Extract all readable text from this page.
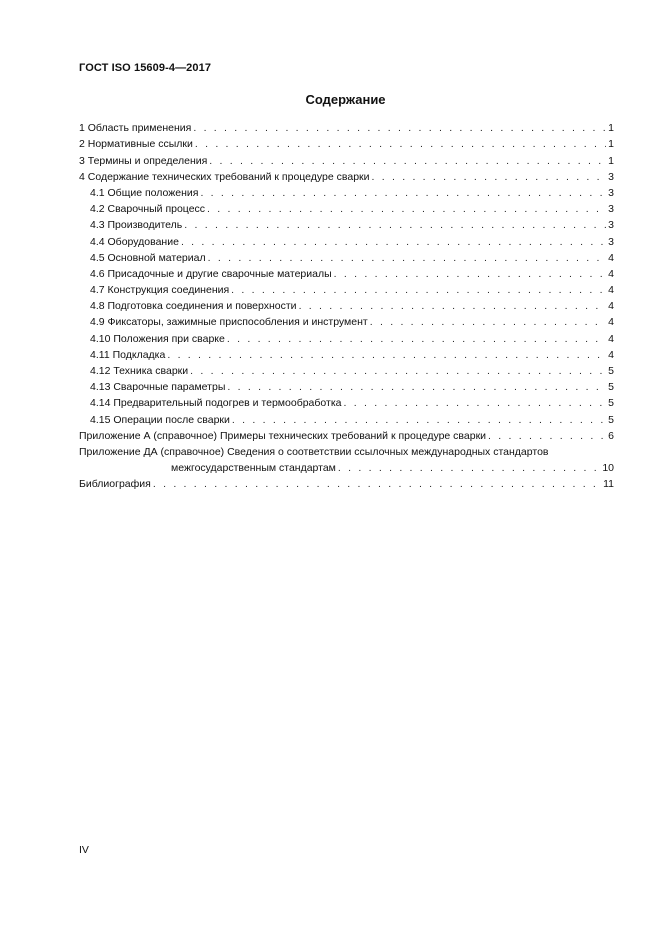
ГОСТ ISO 15609-4—2017
Содержание
1 Область применения . . .	1
2 Нормативные ссылки . . .	1
3 Термины и определения . . .	1
4 Содержание технических требований к процедуре сварки . . .	3
4.1 Общие положения . . .	3
4.2 Сварочный процесс . . .	3
4.3 Производитель . . .	3
4.4 Оборудование . . .	3
4.5 Основной материал . . .	4
4.6 Присадочные и другие сварочные материалы . . .	4
4.7 Конструкция соединения . . .	4
4.8 Подготовка соединения и поверхности . . .	4
4.9 Фиксаторы, зажимные приспособления и инструмент . . .	4
4.10 Положения при сварке . . .	4
4.11 Подкладка . . .	4
4.12 Техника сварки . . .	5
4.13 Сварочные параметры . . .	5
4.14 Предварительный подогрев и термообработка . . .	5
4.15 Операции после сварки . . .	5
Приложение А (справочное) Примеры технических требований к процедуре сварки . . .	6
Приложение ДА (справочное) Сведения о соответствии ссылочных международных стандартов
межгосударственным стандартам . . .	10
Библиография . . .	11
IV
